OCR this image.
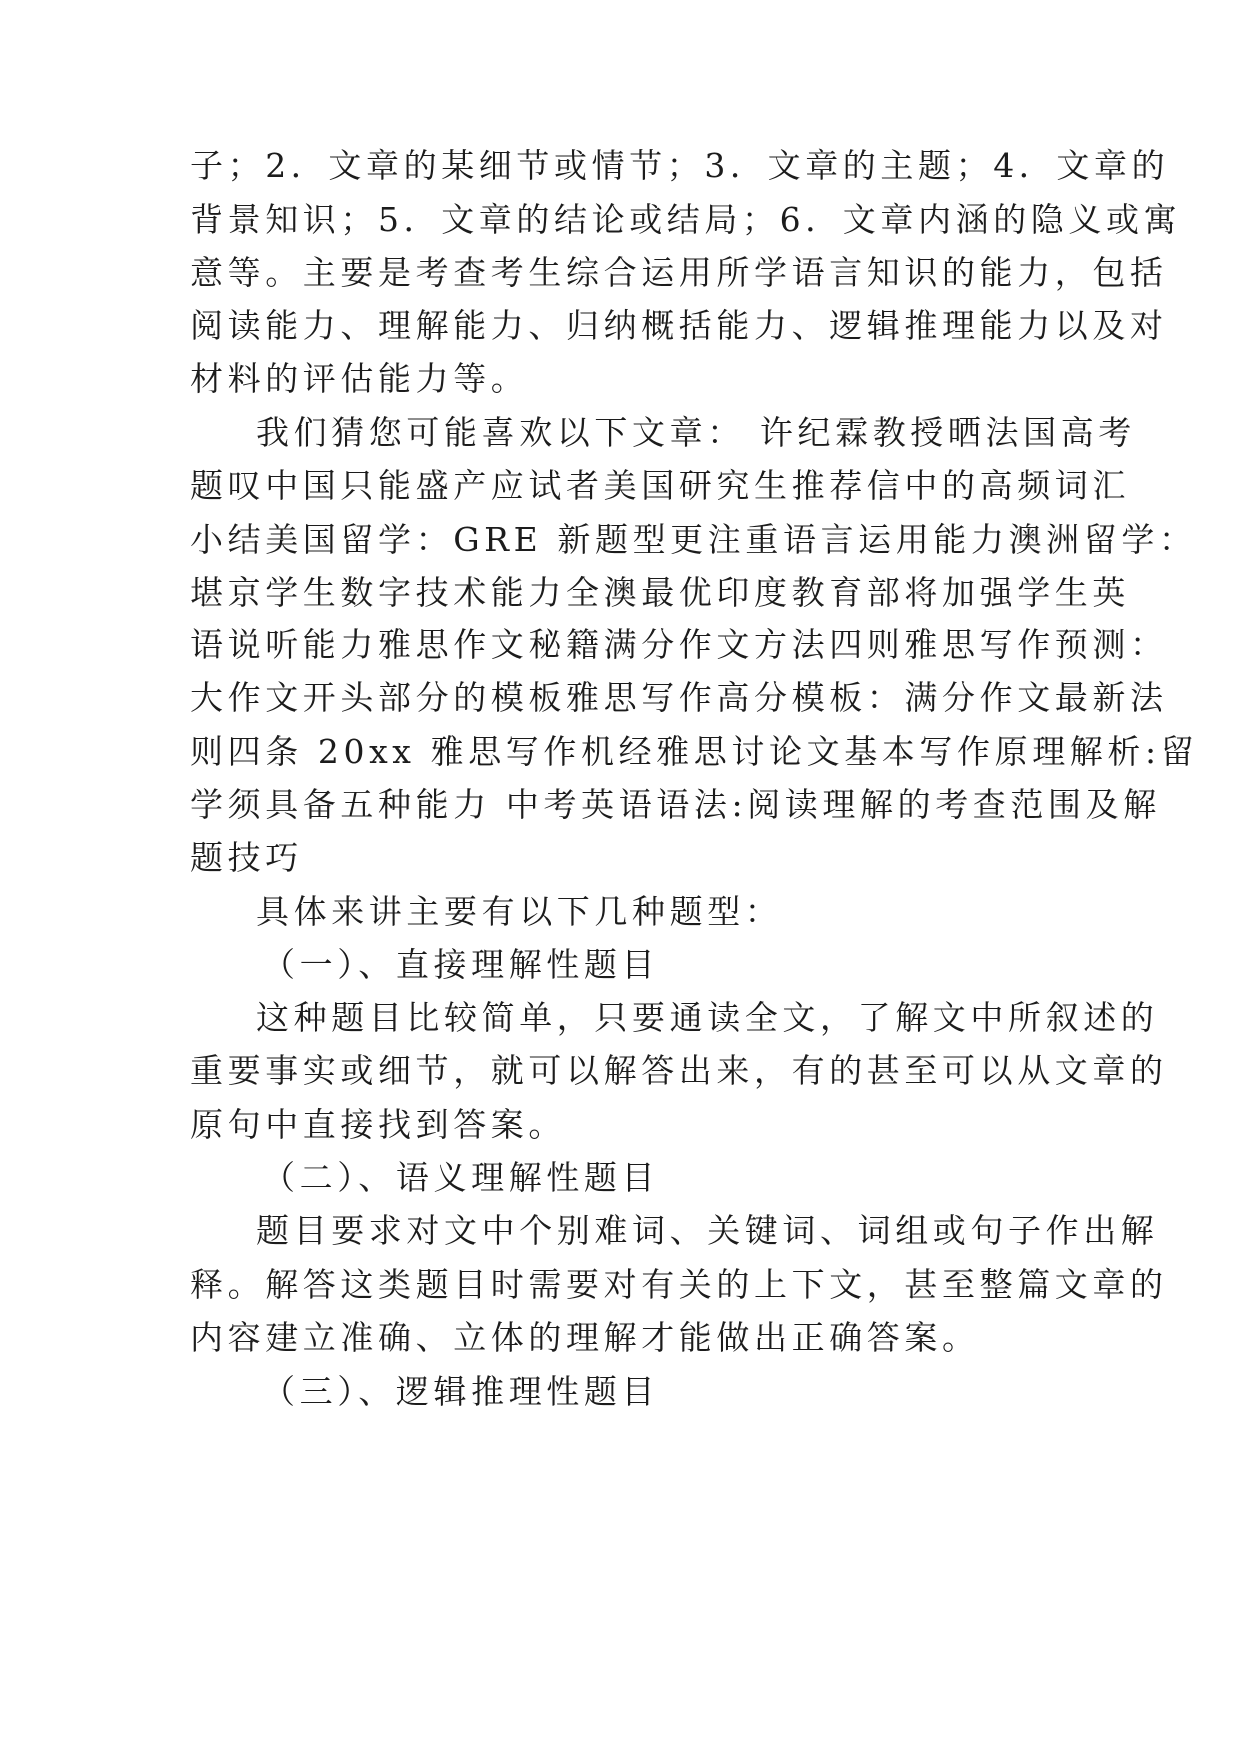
子；2．文章的某细节或情节；3．文章的主题；4．文章的
背景知识；5．文章的结论或结局；6．文章内涵的隐义或寓
意等。主要是考查考生综合运用所学语言知识的能力，包括
阅读能力、理解能力、归纳概括能力、逻辑推理能力以及对
材料的评估能力等。
我们猜您可能喜欢以下文章： 许纪霖教授晒法国高考
题叹中国只能盛产应试者美国研究生推荐信中的高频词汇
小结美国留学：GRE 新题型更注重语言运用能力澳洲留学：
堪京学生数字技术能力全澳最优印度教育部将加强学生英
语说听能力雅思作文秘籍满分作文方法四则雅思写作预测：
大作文开头部分的模板雅思写作高分模板：满分作文最新法
则四条 20xx 雅思写作机经雅思讨论文基本写作原理解析:留
学须具备五种能力 中考英语语法:阅读理解的考查范围及解
题技巧
具体来讲主要有以下几种题型：
（一）、直接理解性题目
这种题目比较简单，只要通读全文，了解文中所叙述的
重要事实或细节，就可以解答出来，有的甚至可以从文章的
原句中直接找到答案。
（二）、语义理解性题目
题目要求对文中个别难词、关键词、词组或句子作出解
释。解答这类题目时需要对有关的上下文，甚至整篇文章的
内容建立准确、立体的理解才能做出正确答案。
（三）、逻辑推理性题目
